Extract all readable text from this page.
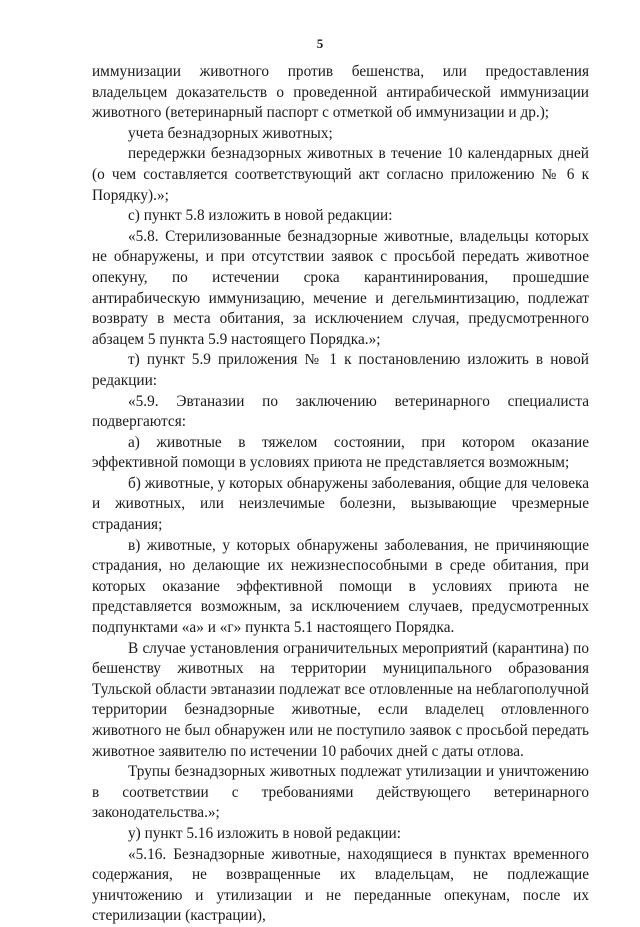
5

иммунизации животного против бешенства, или предоставления владельцем доказательств о проведенной антирабической иммунизации животного (ветеринарный паспорт с отметкой об иммунизации и др.);

учета безнадзорных животных;

передержки безнадзорных животных в течение 10 календарных дней (о чем составляется соответствующий акт согласно приложению № 6 к Порядку).»;

с) пункт 5.8 изложить в новой редакции:

«5.8. Стерилизованные безнадзорные животные, владельцы которых не обнаружены, и при отсутствии заявок с просьбой передать животное опекуну, по истечении срока карантинирования, прошедшие антирабическую иммунизацию, мечение и дегельминтизацию, подлежат возврату в места обитания, за исключением случая, предусмотренного абзацем 5 пункта 5.9 настоящего Порядка.»;

т) пункт 5.9 приложения № 1 к постановлению изложить в новой редакции:

«5.9. Эвтаназии по заключению ветеринарного специалиста подвергаются:

а) животные в тяжелом состоянии, при котором оказание эффективной помощи в условиях приюта не представляется возможным;

б) животные, у которых обнаружены заболевания, общие для человека и животных, или неизлечимые болезни, вызывающие чрезмерные страдания;

в) животные, у которых обнаружены заболевания, не причиняющие страдания, но делающие их нежизнеспособными в среде обитания, при которых оказание эффективной помощи в условиях приюта не представляется возможным, за исключением случаев, предусмотренных подпунктами «а» и «г» пункта 5.1 настоящего Порядка.

В случае установления ограничительных мероприятий (карантина) по бешенству животных на территории муниципального образования Тульской области эвтаназии подлежат все отловленные на неблагополучной территории безнадзорные животные, если владелец отловленного животного не был обнаружен или не поступило заявок с просьбой передать животное заявителю по истечении 10 рабочих дней с даты отлова.

Трупы безнадзорных животных подлежат утилизации и уничтожению в соответствии с требованиями действующего ветеринарного законодательства.»;

у) пункт 5.16 изложить в новой редакции:

«5.16. Безнадзорные животные, находящиеся в пунктах временного содержания, не возвращенные их владельцам, не подлежащие уничтожению и утилизации и не переданные опекунам, после их стерилизации (кастрации),
